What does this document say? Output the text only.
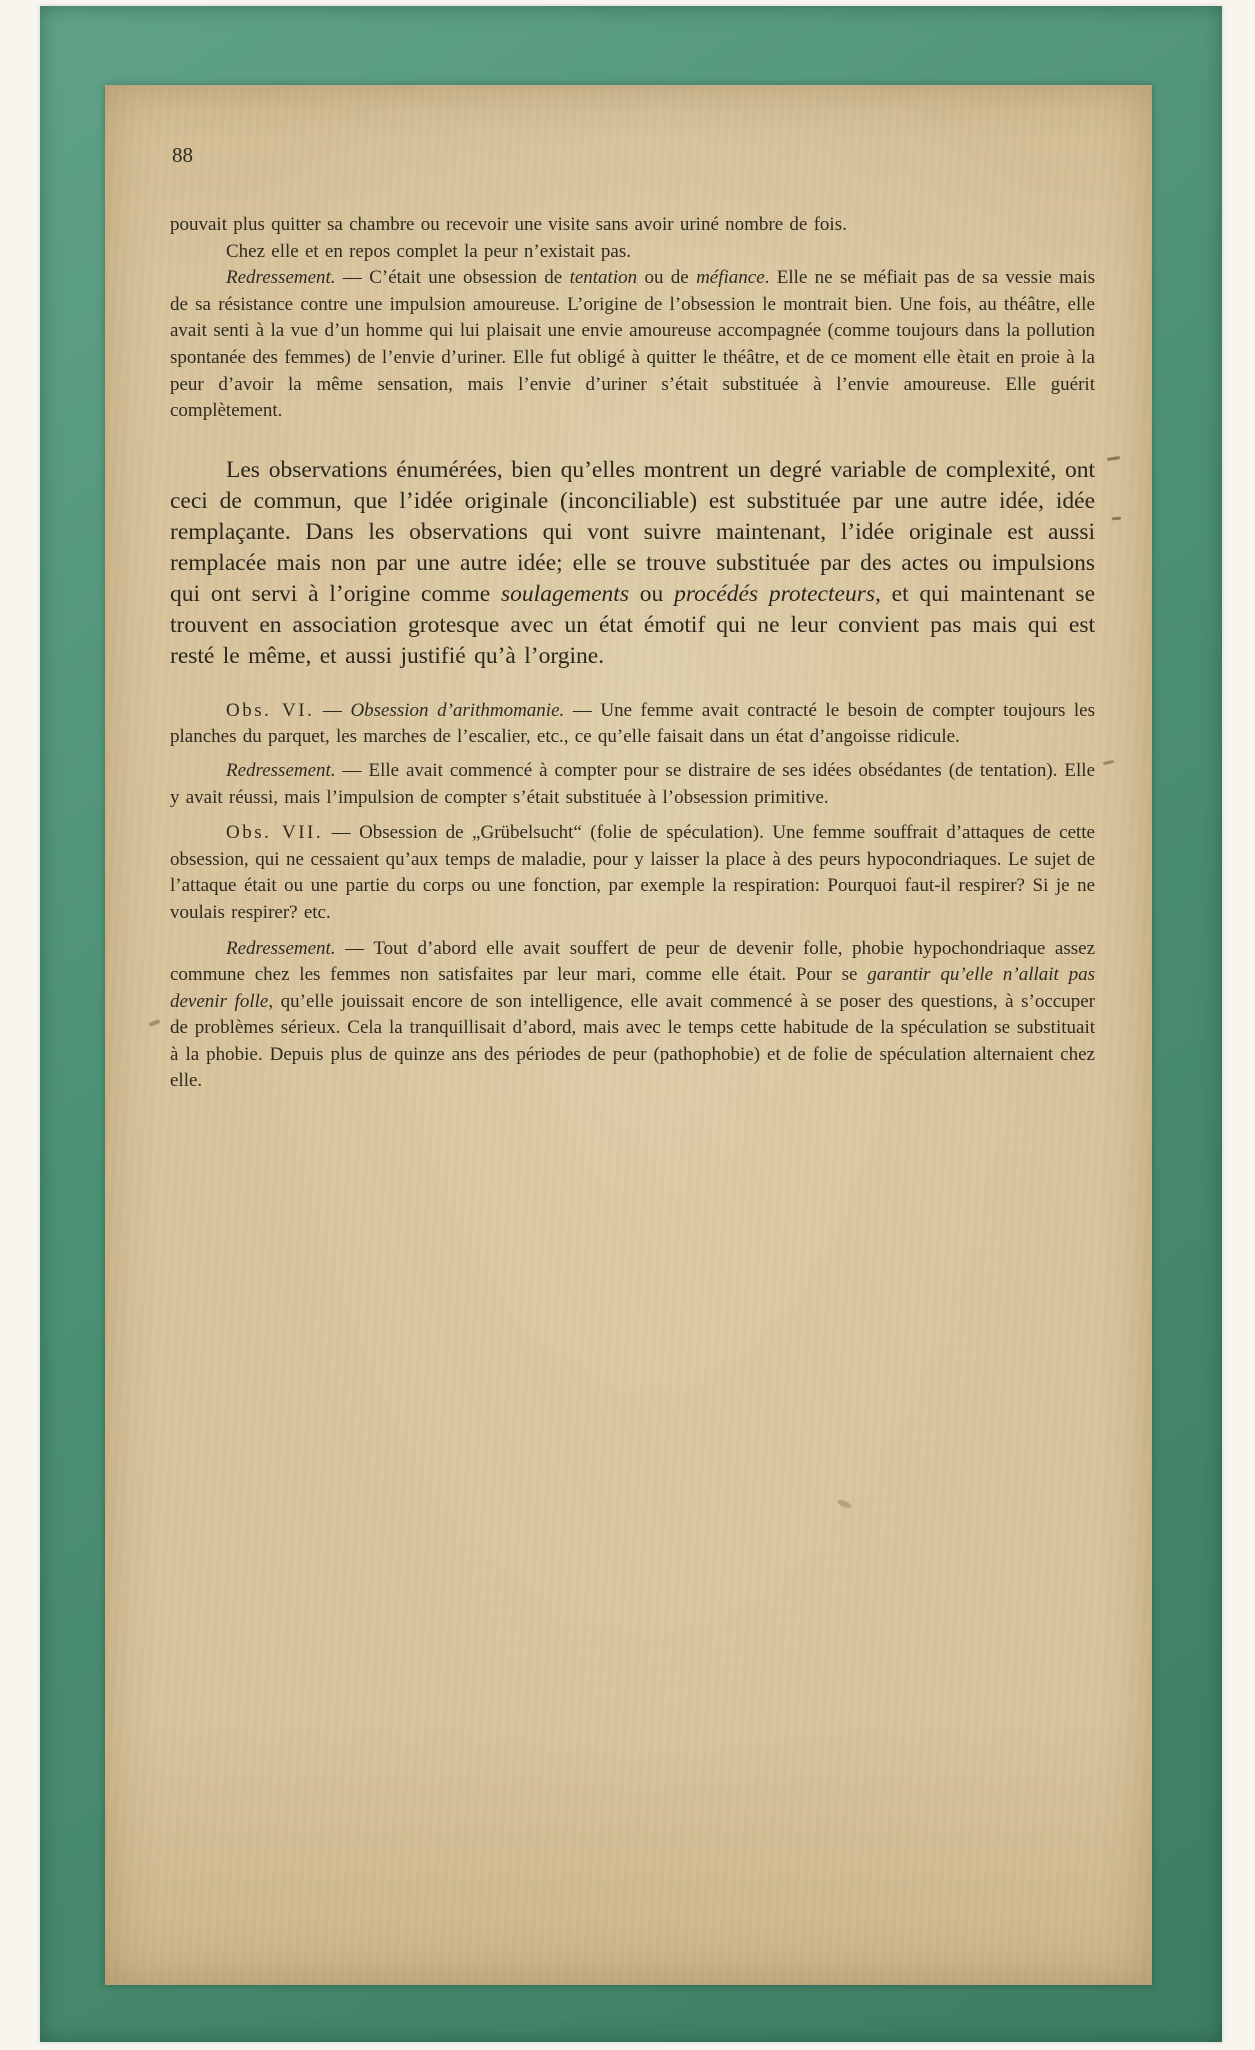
88

pouvait plus quitter sa chambre ou recevoir une visite sans avoir uriné nombre de fois.

Chez elle et en repos complet la peur n’existait pas.

Redressement. — C’était une obsession de tentation ou de méfiance. Elle ne se méfiait pas de sa vessie mais de sa résistance contre une impulsion amoureuse. L’origine de l’obsession le montrait bien. Une fois, au théâtre, elle avait senti à la vue d’un homme qui lui plaisait une envie amoureuse accompagnée (comme toujours dans la pollution spontanée des femmes) de l’envie d’uriner. Elle fut obligé à quitter le théâtre, et de ce moment elle ètait en proie à la peur d’avoir la même sensation, mais l’envie d’uriner s’était substituée à l’envie amoureuse. Elle guérit complètement.

Les observations énumérées, bien qu’elles montrent un degré variable de complexité, ont ceci de commun, que l’idée originale (inconciliable) est substituée par une autre idée, idée remplaçante. Dans les observations qui vont suivre maintenant, l’idée originale est aussi remplacée mais non par une autre idée; elle se trouve substituée par des actes ou impulsions qui ont servi à l’origine comme soulagements ou procédés protecteurs, et qui maintenant se trouvent en association grotesque avec un état émotif qui ne leur convient pas mais qui est resté le même, et aussi justifié qu’à l’orgine.

Obs. VI. — Obsession d’arithmomanie. — Une femme avait contracté le besoin de compter toujours les planches du parquet, les marches de l’escalier, etc., ce qu’elle faisait dans un état d’angoisse ridicule.

Redressement. — Elle avait commencé à compter pour se distraire de ses idées obsédantes (de tentation). Elle y avait réussi, mais l’impulsion de compter s’était substituée à l’obsession primitive.

Obs. VII. — Obsession de „Grübelsucht“ (folie de spéculation). Une femme souffrait d’attaques de cette obsession, qui ne cessaient qu’aux temps de maladie, pour y laisser la place à des peurs hypocondriaques. Le sujet de l’attaque était ou une partie du corps ou une fonction, par exemple la respiration: Pourquoi faut-il respirer? Si je ne voulais respirer? etc.

Redressement. — Tout d’abord elle avait souffert de peur de devenir folle, phobie hypochondriaque assez commune chez les femmes non satisfaites par leur mari, comme elle était. Pour se garantir qu’elle n’allait pas devenir folle, qu’elle jouissait encore de son intelligence, elle avait commencé à se poser des questions, à s’occuper de problèmes sérieux. Cela la tranquillisait d’abord, mais avec le temps cette habitude de la spéculation se substituait à la phobie. Depuis plus de quinze ans des périodes de peur (pathophobie) et de folie de spéculation alternaient chez elle.
